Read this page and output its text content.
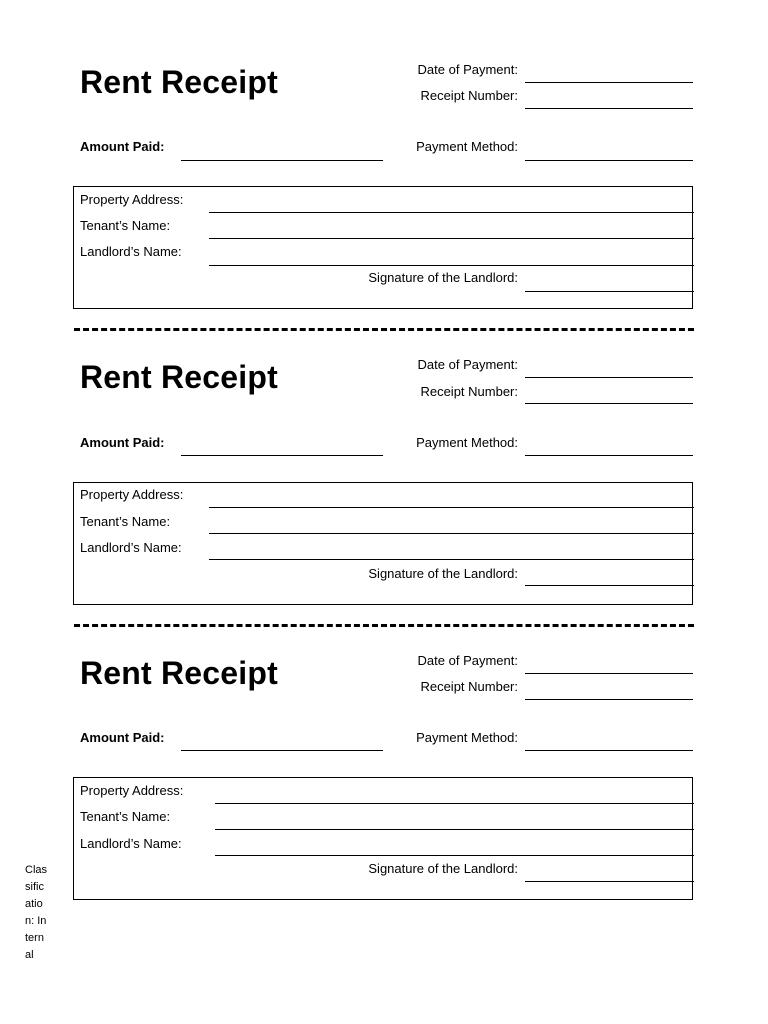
Rent Receipt	Date of Payment:
Receipt Number:
Amount Paid:	Payment Method:
Property Address:
Tenant’s Name:
Landlord’s Name:
Signature of the Landlord:
Rent Receipt	Date of Payment:
Receipt Number:
Amount Paid:	Payment Method:
Property Address:
Tenant’s Name:
Landlord’s Name:
Signature of the Landlord:
Rent Receipt	Date of Payment:
Receipt Number:
Amount Paid:	Payment Method:
Property Address:
Tenant’s Name:
Landlord’s Name:
Signature of the Landlord:
Classification: Internal
